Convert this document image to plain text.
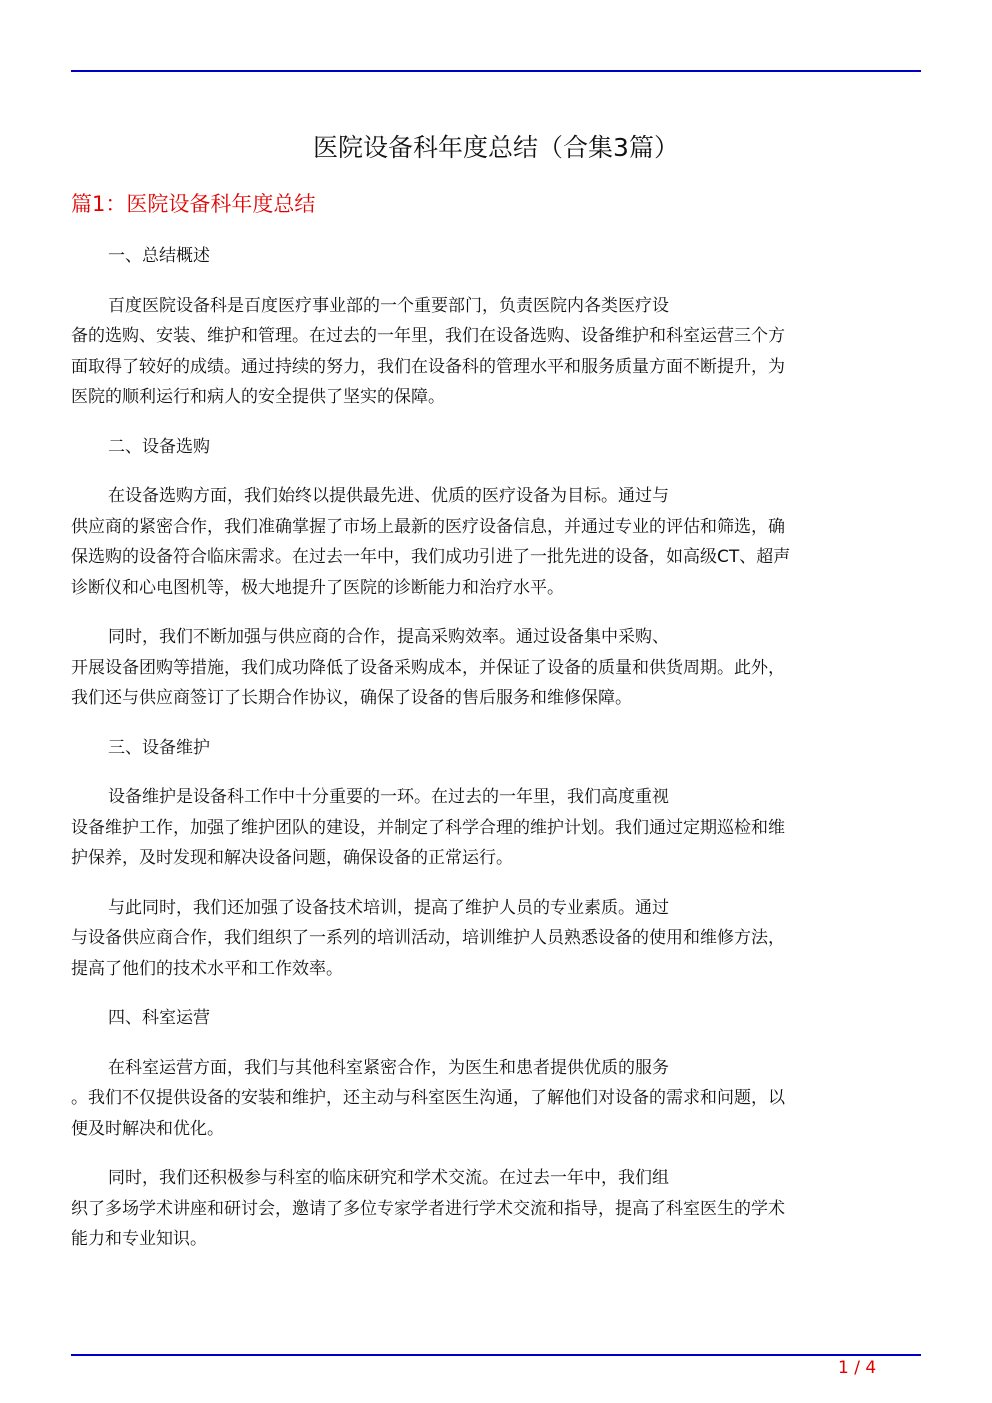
医院设备科年度总结（合集3篇）
篇1：医院设备科年度总结
一、总结概述
百度医院设备科是百度医疗事业部的一个重要部门，负责医院内各类医疗设
备的选购、安装、维护和管理。在过去的一年里，我们在设备选购、设备维护和科室运营三个方
面取得了较好的成绩。通过持续的努力，我们在设备科的管理水平和服务质量方面不断提升，为
医院的顺利运行和病人的安全提供了坚实的保障。
二、设备选购
在设备选购方面，我们始终以提供最先进、优质的医疗设备为目标。通过与
供应商的紧密合作，我们准确掌握了市场上最新的医疗设备信息，并通过专业的评估和筛选，确
保选购的设备符合临床需求。在过去一年中，我们成功引进了一批先进的设备，如高级CT、超声
诊断仪和心电图机等，极大地提升了医院的诊断能力和治疗水平。
同时，我们不断加强与供应商的合作，提高采购效率。通过设备集中采购、
开展设备团购等措施，我们成功降低了设备采购成本，并保证了设备的质量和供货周期。此外，
我们还与供应商签订了长期合作协议，确保了设备的售后服务和维修保障。
三、设备维护
设备维护是设备科工作中十分重要的一环。在过去的一年里，我们高度重视
设备维护工作，加强了维护团队的建设，并制定了科学合理的维护计划。我们通过定期巡检和维
护保养，及时发现和解决设备问题，确保设备的正常运行。
与此同时，我们还加强了设备技术培训，提高了维护人员的专业素质。通过
与设备供应商合作，我们组织了一系列的培训活动，培训维护人员熟悉设备的使用和维修方法，
提高了他们的技术水平和工作效率。
四、科室运营
在科室运营方面，我们与其他科室紧密合作，为医生和患者提供优质的服务
。我们不仅提供设备的安装和维护，还主动与科室医生沟通，了解他们对设备的需求和问题，以
便及时解决和优化。
同时，我们还积极参与科室的临床研究和学术交流。在过去一年中，我们组
织了多场学术讲座和研讨会，邀请了多位专家学者进行学术交流和指导，提高了科室医生的学术
能力和专业知识。
1 / 4
